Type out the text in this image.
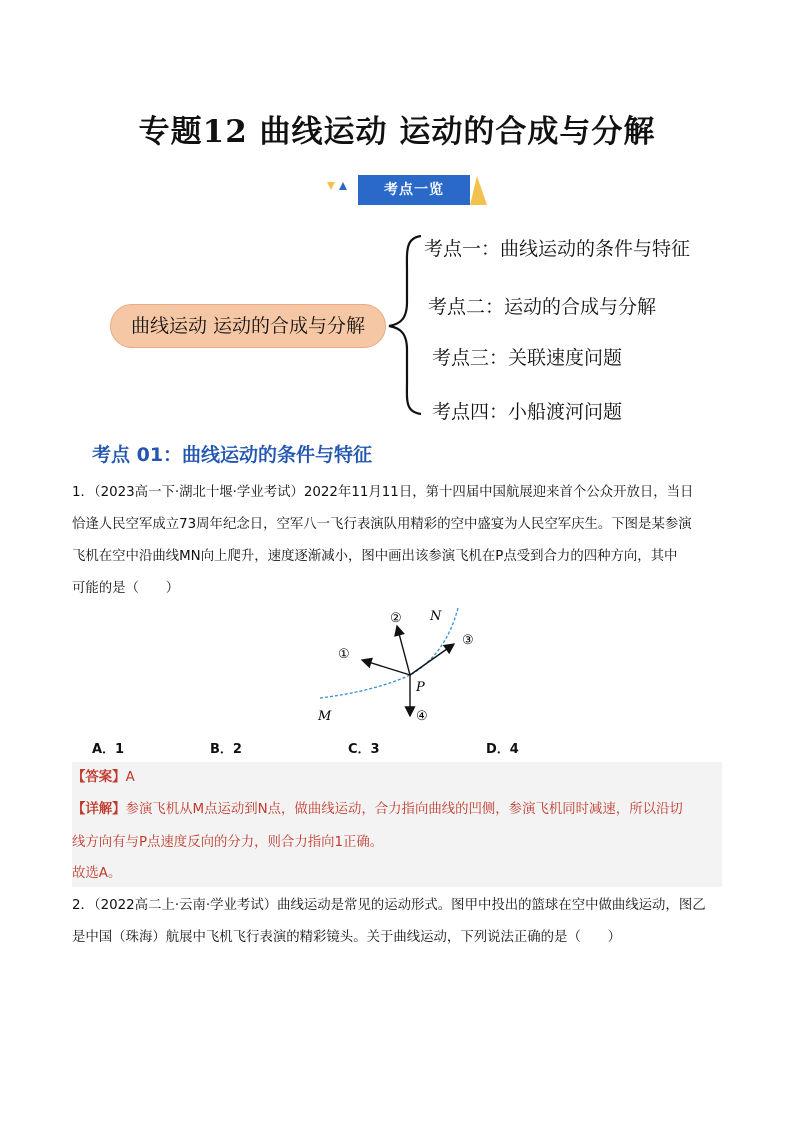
专题12 曲线运动 运动的合成与分解
考点一览
曲线运动 运动的合成与分解
考点一：曲线运动的条件与特征
考点二：运动的合成与分解
考点三：关联速度问题
考点四：小船渡河问题
考点 01：曲线运动的条件与特征
1．（2023高一下·湖北十堰·学业考试）2022年11月11日，第十四届中国航展迎来首个公众开放日，当日
恰逢人民空军成立73周年纪念日，空军八一飞行表演队用精彩的空中盛宴为人民空军庆生。下图是某参演
飞机在空中沿曲线MN向上爬升，速度逐渐减小，图中画出该参演飞机在P点受到合力的四种方向，其中
可能的是（　　）
N
M
P
①
②
③
④
A．1	B．2	C．3	D．4
【答案】A
【详解】参演飞机从M点运动到N点，做曲线运动，合力指向曲线的凹侧，参演飞机同时减速，所以沿切
线方向有与P点速度反向的分力，则合力指向1正确。
故选A。
2．（2022高二上·云南·学业考试）曲线运动是常见的运动形式。图甲中投出的篮球在空中做曲线运动，图乙
是中国（珠海）航展中飞机飞行表演的精彩镜头。关于曲线运动，下列说法正确的是（　　）
